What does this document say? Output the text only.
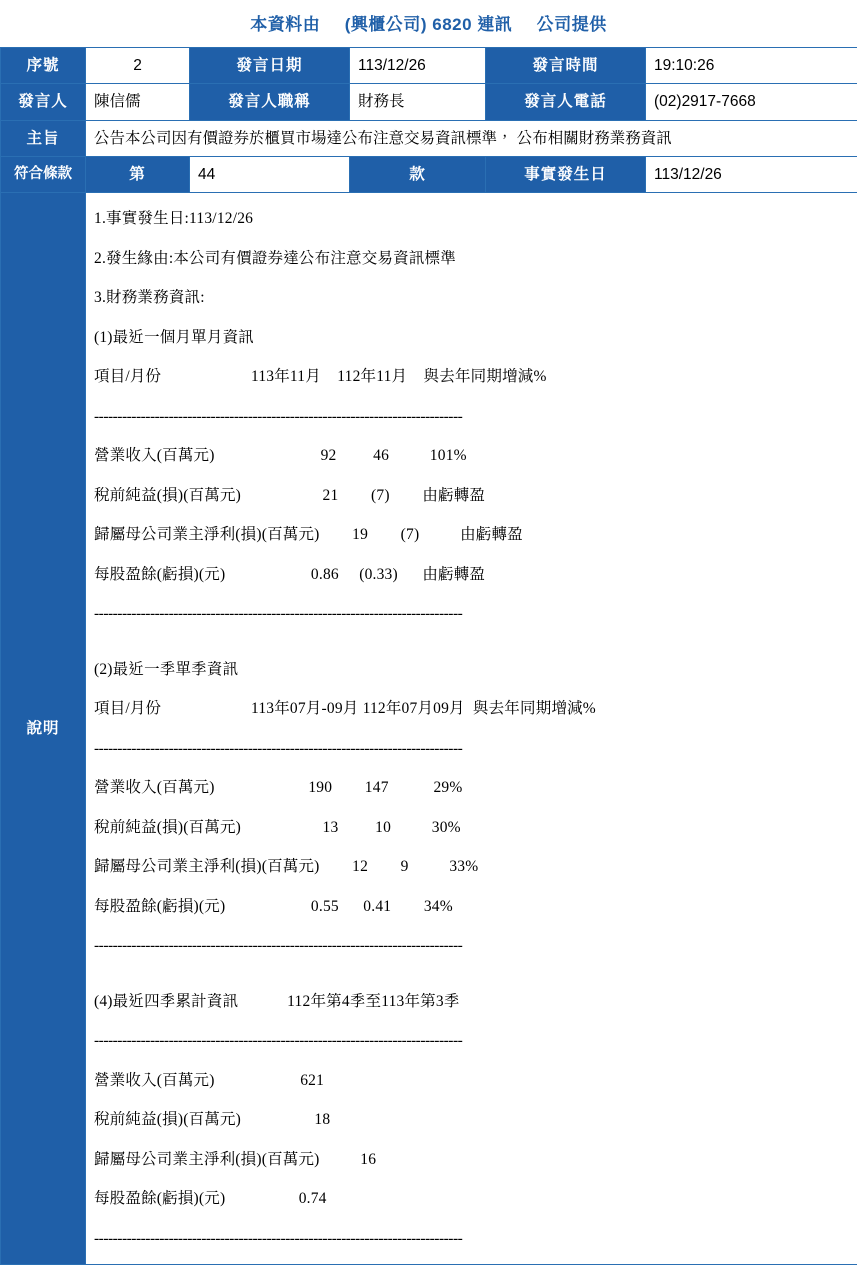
本資料由 (興櫃公司) 6820 連訊 公司提供
序號	2	發言日期	113/12/26	發言時間	19:10:26
發言人	陳信儒	發言人職稱	財務長	發言人電話	(02)2917-7668
主旨	公告本公司因有價證券於櫃買市場達公布注意交易資訊標準， 公布相關財務業務資訊				
符合條款	第	44	款	事實發生日	113/12/26
說明	
1.事實發生日:113/12/26
2.發生緣由:本公司有價證券達公布注意交易資訊標準
3.財務業務資訊:
(1)最近一個月單月資訊
項目/月份                      113年11月    112年11月    與去年同期增減%
-------------------------------------------------------------------------------
營業收入(百萬元)                          92         46          101%
稅前純益(損)(百萬元)                    21        (7)        由虧轉盈
歸屬母公司業主淨利(損)(百萬元)        19        (7)          由虧轉盈
每股盈餘(虧損)(元)                     0.86     (0.33)      由虧轉盈
-------------------------------------------------------------------------------

(2)最近一季單季資訊
項目/月份                      113年07月-09月 112年07月09月  與去年同期增減%
-------------------------------------------------------------------------------
營業收入(百萬元)                       190        147           29%
稅前純益(損)(百萬元)                    13         10          30%
歸屬母公司業主淨利(損)(百萬元)        12        9          33%
每股盈餘(虧損)(元)                     0.55      0.41        34%
-------------------------------------------------------------------------------

(4)最近四季累計資訊            112年第4季至113年第3季
-------------------------------------------------------------------------------
營業收入(百萬元)                     621
稅前純益(損)(百萬元)                  18
歸屬母公司業主淨利(損)(百萬元)          16
每股盈餘(虧損)(元)                  0.74
-------------------------------------------------------------------------------
